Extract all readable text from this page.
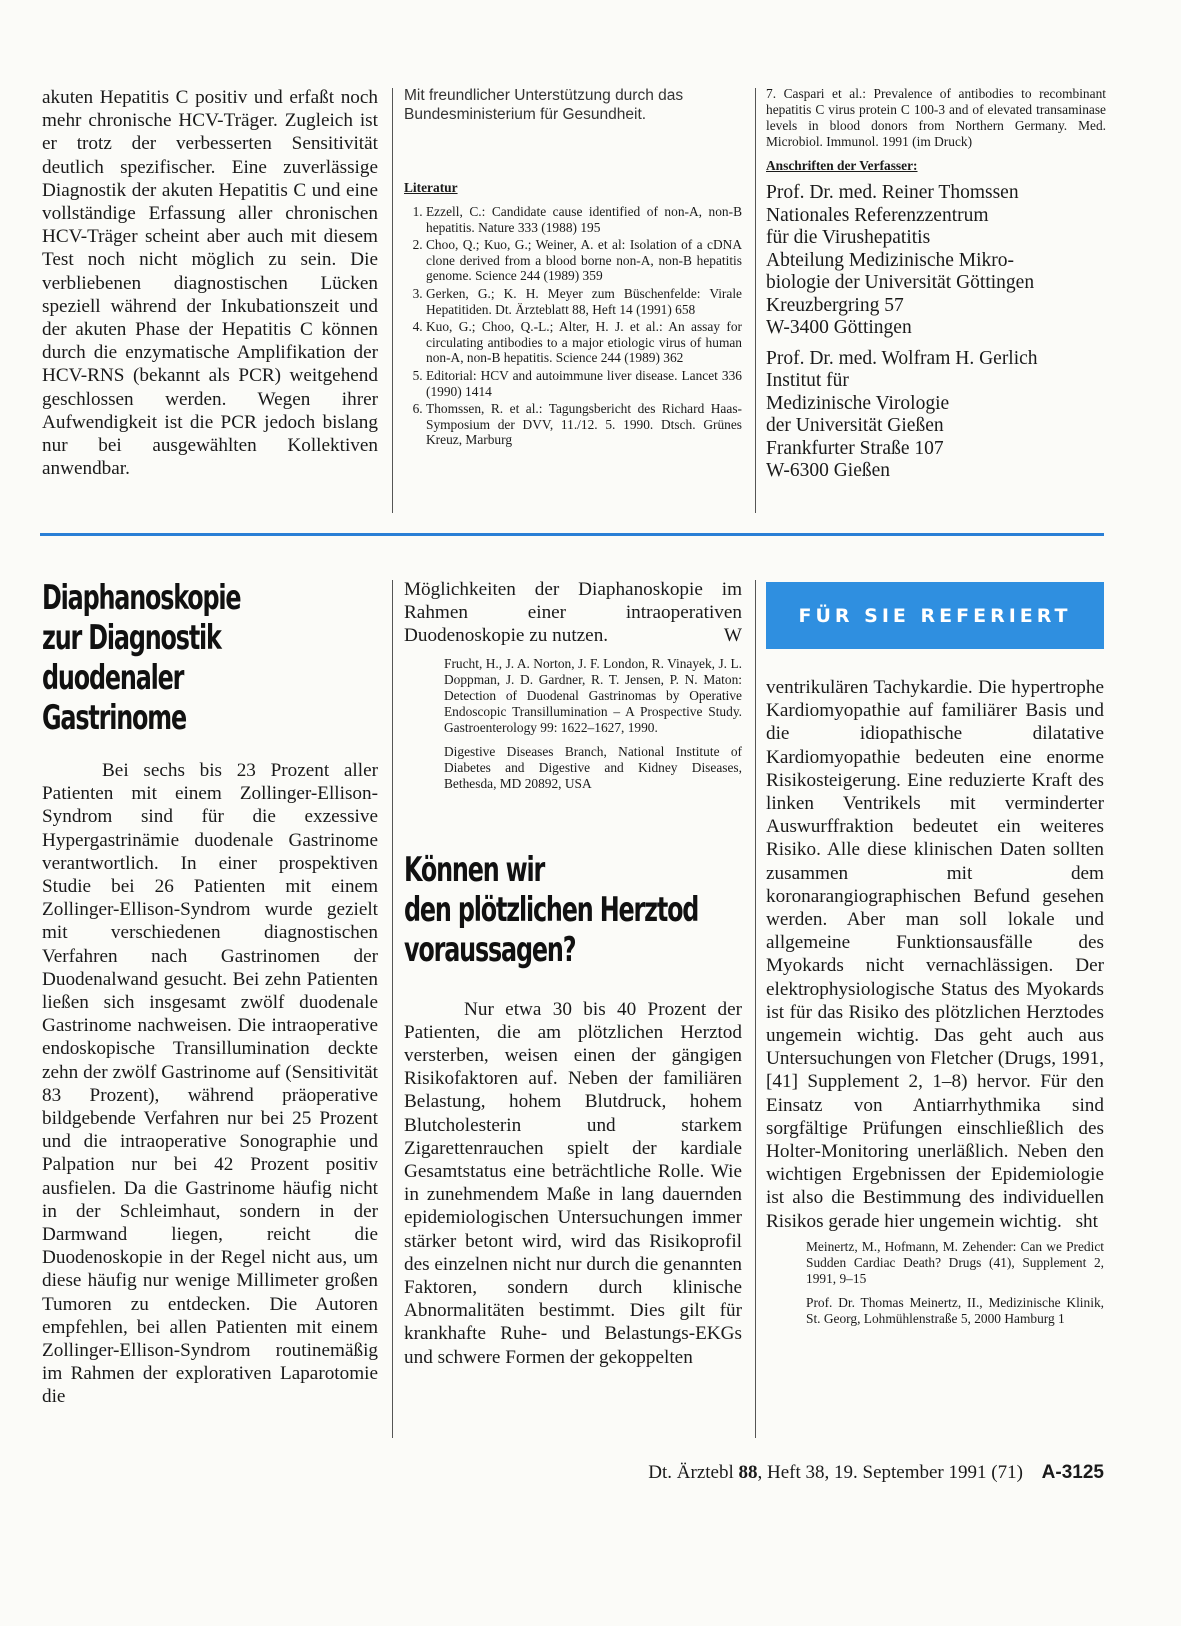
akuten Hepatitis C positiv und erfaßt noch mehr chronische HCV-Träger. Zugleich ist er trotz der verbesserten Sensitivität deutlich spezifischer. Eine zuverlässige Diagnostik der akuten Hepatitis C und eine vollständige Erfassung aller chronischen HCV-Träger scheint aber auch mit diesem Test noch nicht möglich zu sein. Die verbliebenen diagnostischen Lücken speziell während der Inkubationszeit und der akuten Phase der Hepatitis C können durch die enzymatische Amplifikation der HCV-RNS (bekannt als PCR) weitgehend geschlossen werden. Wegen ihrer Aufwendigkeit ist die PCR jedoch bislang nur bei ausgewählten Kollektiven anwendbar.

Mit freundlicher Unterstützung durch das Bundesministerium für Gesundheit.

Literatur

1. Ezzell, C.: Candidate cause identified of non-A, non-B hepatitis. Nature 333 (1988) 195
2. Choo, Q.; Kuo, G.; Weiner, A. et al: Isolation of a cDNA clone derived from a blood borne non-A, non-B hepatitis genome. Science 244 (1989) 359
3. Gerken, G.; K. H. Meyer zum Büschenfelde: Virale Hepatitiden. Dt. Ärzteblatt 88, Heft 14 (1991) 658
4. Kuo, G.; Choo, Q.-L.; Alter, H. J. et al.: An assay for circulating antibodies to a major etiologic virus of human non-A, non-B hepatitis. Science 244 (1989) 362
5. Editorial: HCV and autoimmune liver disease. Lancet 336 (1990) 1414
6. Thomssen, R. et al.: Tagungsbericht des Richard Haas-Symposium der DVV, 11./12. 5. 1990. Dtsch. Grünes Kreuz, Marburg

7. Caspari et al.: Prevalence of antibodies to recombinant hepatitis C virus protein C 100-3 and of elevated transaminase levels in blood donors from Northern Germany. Med. Microbiol. Immunol. 1991 (im Druck)

Anschriften der Verfasser:

Prof. Dr. med. Reiner Thomssen
Nationales Referenzzentrum
für die Virushepatitis
Abteilung Medizinische Mikro-
biologie der Universität Göttingen
Kreuzbergring 57
W-3400 Göttingen
Prof. Dr. med. Wolfram H. Gerlich
Institut für
Medizinische Virologie
der Universität Gießen
Frankfurter Straße 107
W-6300 Gießen
Diaphanoskopie
zur Diagnostik
duodenaler
Gastrinome

Bei sechs bis 23 Prozent aller Patienten mit einem Zollinger-Ellison-Syndrom sind für die exzessive Hypergastrinämie duodenale Gastrinome verantwortlich. In einer prospektiven Studie bei 26 Patienten mit einem Zollinger-Ellison-Syndrom wurde gezielt mit verschiedenen diagnostischen Verfahren nach Gastrinomen der Duodenalwand gesucht. Bei zehn Patienten ließen sich insgesamt zwölf duodenale Gastrinome nachweisen. Die intraoperative endoskopische Transillumination deckte zehn der zwölf Gastrinome auf (Sensitivität 83 Prozent), während präoperative bildgebende Verfahren nur bei 25 Prozent und die intraoperative Sonographie und Palpation nur bei 42 Prozent positiv ausfielen. Da die Gastrinome häufig nicht in der Schleimhaut, sondern in der Darmwand liegen, reicht die Duodenoskopie in der Regel nicht aus, um diese häufig nur wenige Millimeter großen Tumoren zu entdecken. Die Autoren empfehlen, bei allen Patienten mit einem Zollinger-Ellison-Syndrom routinemäßig im Rahmen der explorativen Laparotomie die

Möglichkeiten der Diaphanoskopie im Rahmen einer intraoperativen Duodenoskopie zu nutzen.	W

Frucht, H., J. A. Norton, J. F. London, R. Vinayek, J. L. Doppman, J. D. Gardner, R. T. Jensen, P. N. Maton: Detection of Duodenal Gastrinomas by Operative Endoscopic Transillumination – A Prospective Study. Gastroenterology 99: 1622–1627, 1990.

Digestive Diseases Branch, National Institute of Diabetes and Digestive and Kidney Diseases, Bethesda, MD 20892, USA

Können wir
den plötzlichen Herztod
voraussagen?

Nur etwa 30 bis 40 Prozent der Patienten, die am plötzlichen Herztod versterben, weisen einen der gängigen Risikofaktoren auf. Neben der familiären Belastung, hohem Blutdruck, hohem Blutcholesterin und starkem Zigarettenrauchen spielt der kardiale Gesamtstatus eine beträchtliche Rolle. Wie in zunehmendem Maße in lang dauernden epidemiologischen Untersuchungen immer stärker betont wird, wird das Risikoprofil des einzelnen nicht nur durch die genannten Faktoren, sondern durch klinische Abnormalitäten bestimmt. Dies gilt für krankhafte Ruhe- und Belastungs-EKGs und schwere Formen der gekoppelten

FÜR SIE REFERIERT

ventrikulären Tachykardie. Die hypertrophe Kardiomyopathie auf familiärer Basis und die idiopathische dilatative Kardiomyopathie bedeuten eine enorme Risikosteigerung. Eine reduzierte Kraft des linken Ventrikels mit verminderter Auswurffraktion bedeutet ein weiteres Risiko. Alle diese klinischen Daten sollten zusammen mit dem koronarangiographischen Befund gesehen werden. Aber man soll lokale und allgemeine Funktionsausfälle des Myokards nicht vernachlässigen. Der elektrophysiologische Status des Myokards ist für das Risiko des plötzlichen Herztodes ungemein wichtig. Das geht auch aus Untersuchungen von Fletcher (Drugs, 1991, [41] Supplement 2, 1–8) hervor. Für den Einsatz von Antiarrhythmika sind sorgfältige Prüfungen einschließlich des Holter-Monitoring unerläßlich. Neben den wichtigen Ergebnissen der Epidemiologie ist also die Bestimmung des individuellen Risikos gerade hier ungemein wichtig. sht

Meinertz, M., Hofmann, M. Zehender: Can we Predict Sudden Cardiac Death? Drugs (41), Supplement 2, 1991, 9–15

Prof. Dr. Thomas Meinertz, II., Medizinische Klinik, St. Georg, Lohmühlenstraße 5, 2000 Hamburg 1

Dt. Ärztebl 88, Heft 38, 19. September 1991 (71) A-3125
